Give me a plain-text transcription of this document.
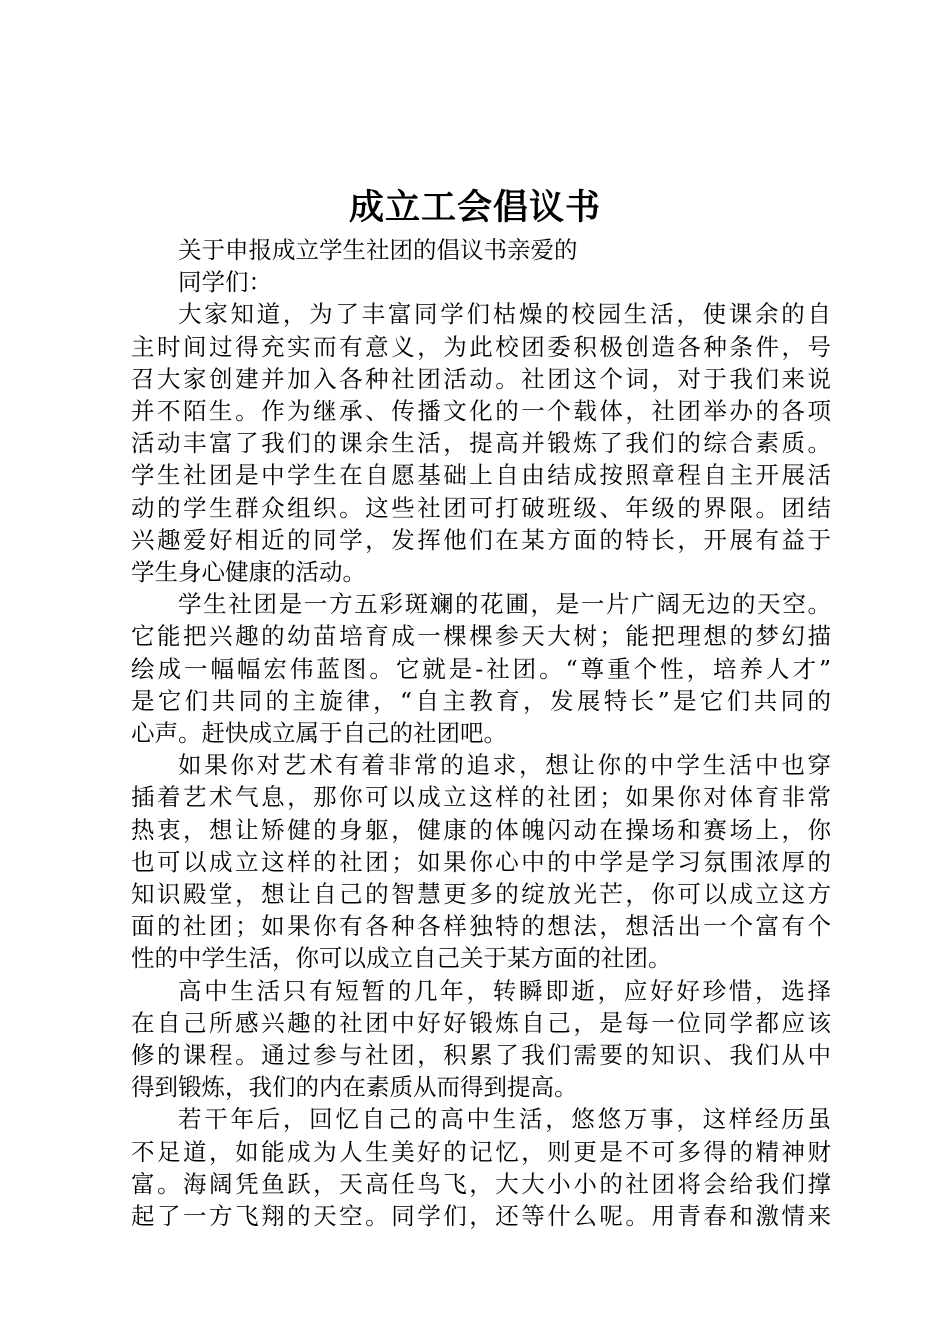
成立工会倡议书
关于申报成立学生社团的倡议书亲爱的
同学们：
大家知道，为了丰富同学们枯燥的校园生活，使课余的自
主时间过得充实而有意义，为此校团委积极创造各种条件，号
召大家创建并加入各种社团活动。社团这个词，对于我们来说
并不陌生。作为继承、传播文化的一个载体，社团举办的各项
活动丰富了我们的课余生活，提高并锻炼了我们的综合素质。
学生社团是中学生在自愿基础上自由结成按照章程自主开展活
动的学生群众组织。这些社团可打破班级、年级的界限。团结
兴趣爱好相近的同学，发挥他们在某方面的特长，开展有益于
学生身心健康的活动。
学生社团是一方五彩斑斓的花圃，是一片广阔无边的天空。
它能把兴趣的幼苗培育成一棵棵参天大树；能把理想的梦幻描
绘成一幅幅宏伟蓝图。它就是-社团。“尊重个性，培养人才”
是它们共同的主旋律，“自主教育，发展特长”是它们共同的
心声。赶快成立属于自己的社团吧。
如果你对艺术有着非常的追求，想让你的中学生活中也穿
插着艺术气息，那你可以成立这样的社团；如果你对体育非常
热衷，想让矫健的身躯，健康的体魄闪动在操场和赛场上，你
也可以成立这样的社团；如果你心中的中学是学习氛围浓厚的
知识殿堂，想让自己的智慧更多的绽放光芒，你可以成立这方
面的社团；如果你有各种各样独特的想法，想活出一个富有个
性的中学生活，你可以成立自己关于某方面的社团。
高中生活只有短暂的几年，转瞬即逝，应好好珍惜，选择
在自己所感兴趣的社团中好好锻炼自己，是每一位同学都应该
修的课程。通过参与社团，积累了我们需要的知识、我们从中
得到锻炼，我们的内在素质从而得到提高。
若干年后，回忆自己的高中生活，悠悠万事，这样经历虽
不足道，如能成为人生美好的记忆，则更是不可多得的精神财
富。海阔凭鱼跃，天高任鸟飞，大大小小的社团将会给我们撑
起了一方飞翔的天空。同学们，还等什么呢。用青春和激情来
